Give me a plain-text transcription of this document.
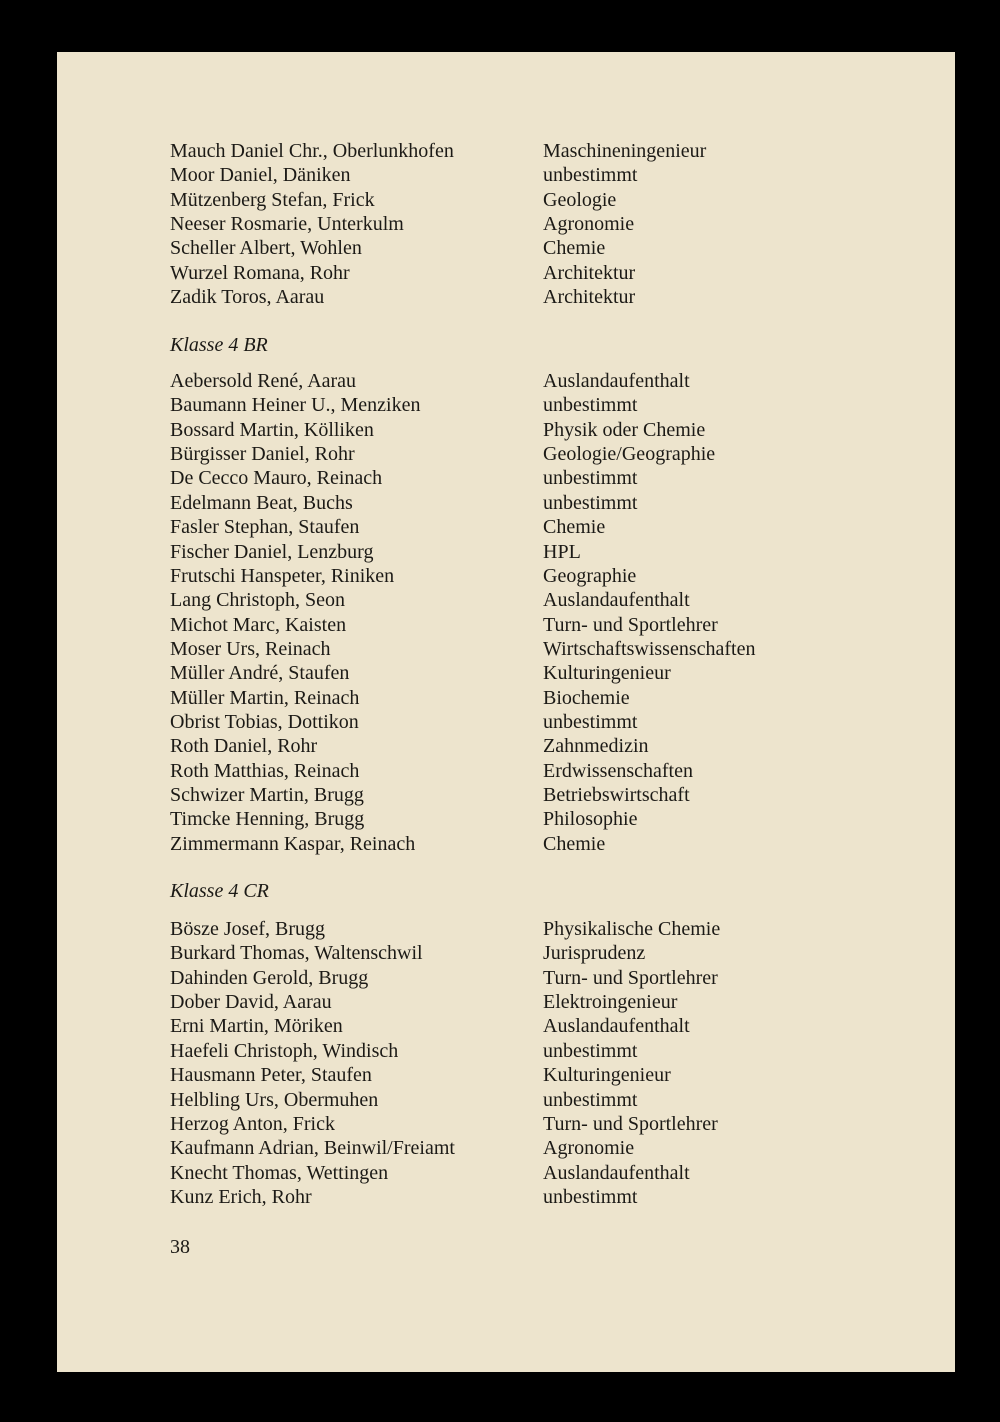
Mauch Daniel Chr., Oberlunkhofen	Maschineningenieur
Moor Daniel, Däniken	unbestimmt
Mützenberg Stefan, Frick	Geologie
Neeser Rosmarie, Unterkulm	Agronomie
Scheller Albert, Wohlen	Chemie
Wurzel Romana, Rohr	Architektur
Zadik Toros, Aarau	Architektur
Klasse 4 BR
Aebersold René, Aarau	Auslandaufenthalt
Baumann Heiner U., Menziken	unbestimmt
Bossard Martin, Kölliken	Physik oder Chemie
Bürgisser Daniel, Rohr	Geologie/Geographie
De Cecco Mauro, Reinach	unbestimmt
Edelmann Beat, Buchs	unbestimmt
Fasler Stephan, Staufen	Chemie
Fischer Daniel, Lenzburg	HPL
Frutschi Hanspeter, Riniken	Geographie
Lang Christoph, Seon	Auslandaufenthalt
Michot Marc, Kaisten	Turn- und Sportlehrer
Moser Urs, Reinach	Wirtschaftswissenschaften
Müller André, Staufen	Kulturingenieur
Müller Martin, Reinach	Biochemie
Obrist Tobias, Dottikon	unbestimmt
Roth Daniel, Rohr	Zahnmedizin
Roth Matthias, Reinach	Erdwissenschaften
Schwizer Martin, Brugg	Betriebswirtschaft
Timcke Henning, Brugg	Philosophie
Zimmermann Kaspar, Reinach	Chemie
Klasse 4 CR
Bösze Josef, Brugg	Physikalische Chemie
Burkard Thomas, Waltenschwil	Jurisprudenz
Dahinden Gerold, Brugg	Turn- und Sportlehrer
Dober David, Aarau	Elektroingenieur
Erni Martin, Möriken	Auslandaufenthalt
Haefeli Christoph, Windisch	unbestimmt
Hausmann Peter, Staufen	Kulturingenieur
Helbling Urs, Obermuhen	unbestimmt
Herzog Anton, Frick	Turn- und Sportlehrer
Kaufmann Adrian, Beinwil/Freiamt	Agronomie
Knecht Thomas, Wettingen	Auslandaufenthalt
Kunz Erich, Rohr	unbestimmt
38
